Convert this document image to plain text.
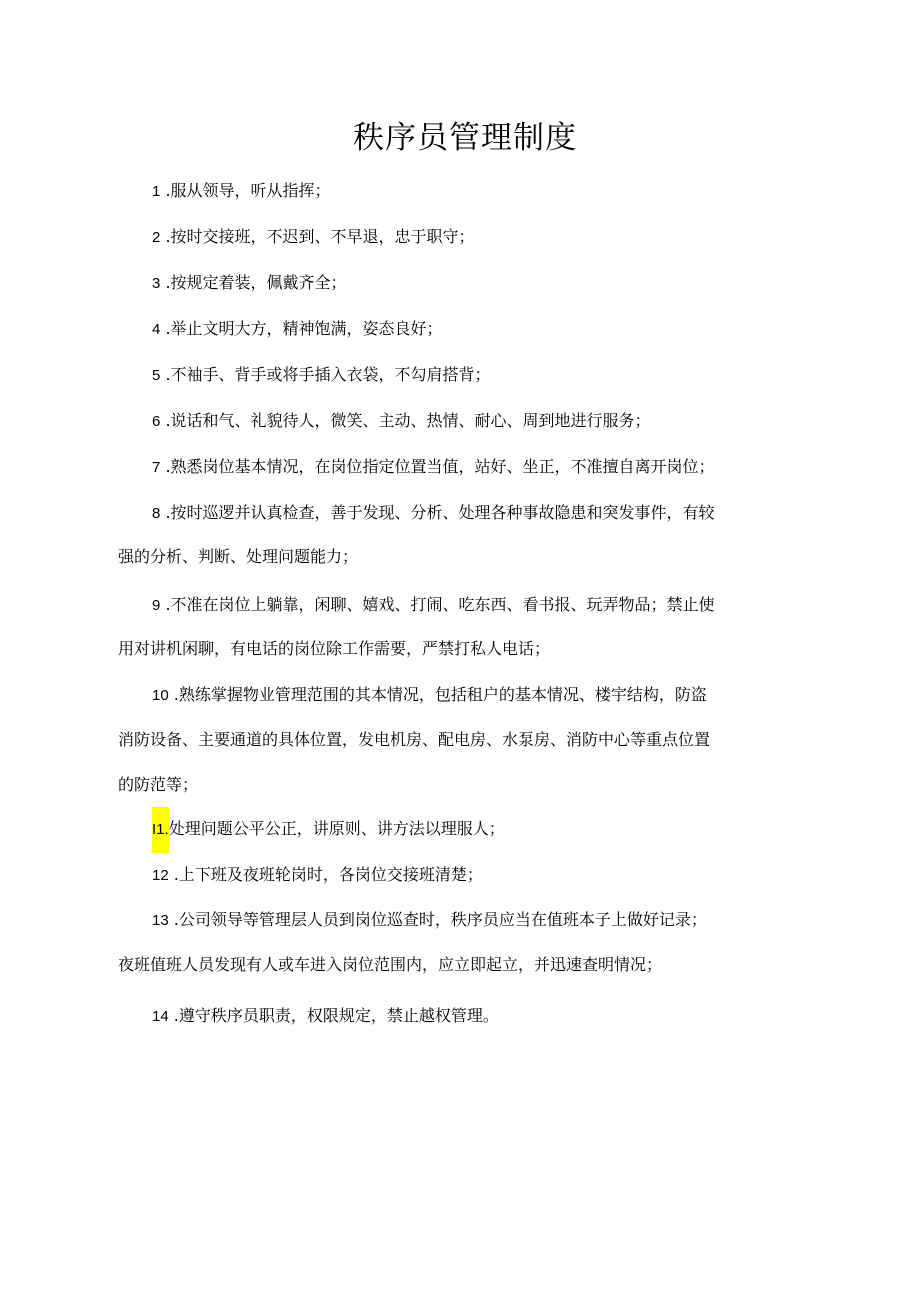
秩序员管理制度

1 .服从领导，听从指挥；

2 .按时交接班，不迟到、不早退，忠于职守；

3 .按规定着装，佩戴齐全；

4 .举止文明大方，精神饱满，姿态良好；

5 .不袖手、背手或将手插入衣袋，不勾肩搭背；

6 .说话和气、礼貌待人，微笑、主动、热情、耐心、周到地进行服务；

7 .熟悉岗位基本情况，在岗位指定位置当值，站好、坐正，不准擅自离开岗位；

8 .按时巡逻并认真检查，善于发现、分析、处理各种事故隐患和突发事件，有较

强的分析、判断、处理问题能力；

9 .不准在岗位上躺靠，闲聊、嬉戏、打闹、吃东西、看书报、玩弄物品；禁止使

用对讲机闲聊，有电话的岗位除工作需要，严禁打私人电话；

10 .熟练掌握物业管理范围的其本情况，包括租户的基本情况、楼宇结构，防盗

消防设备、主要通道的具体位置，发电机房、配电房、水泵房、消防中心等重点位置

的防范等；

I1.处理问题公平公正，讲原则、讲方法以理服人；

12 .上下班及夜班轮岗时，各岗位交接班清楚；

13 .公司领导等管理层人员到岗位巡查时，秩序员应当在值班本子上做好记录；

夜班值班人员发现有人或车进入岗位范围内，应立即起立，并迅速查明情况；

14 .遵守秩序员职责，权限规定，禁止越权管理。
